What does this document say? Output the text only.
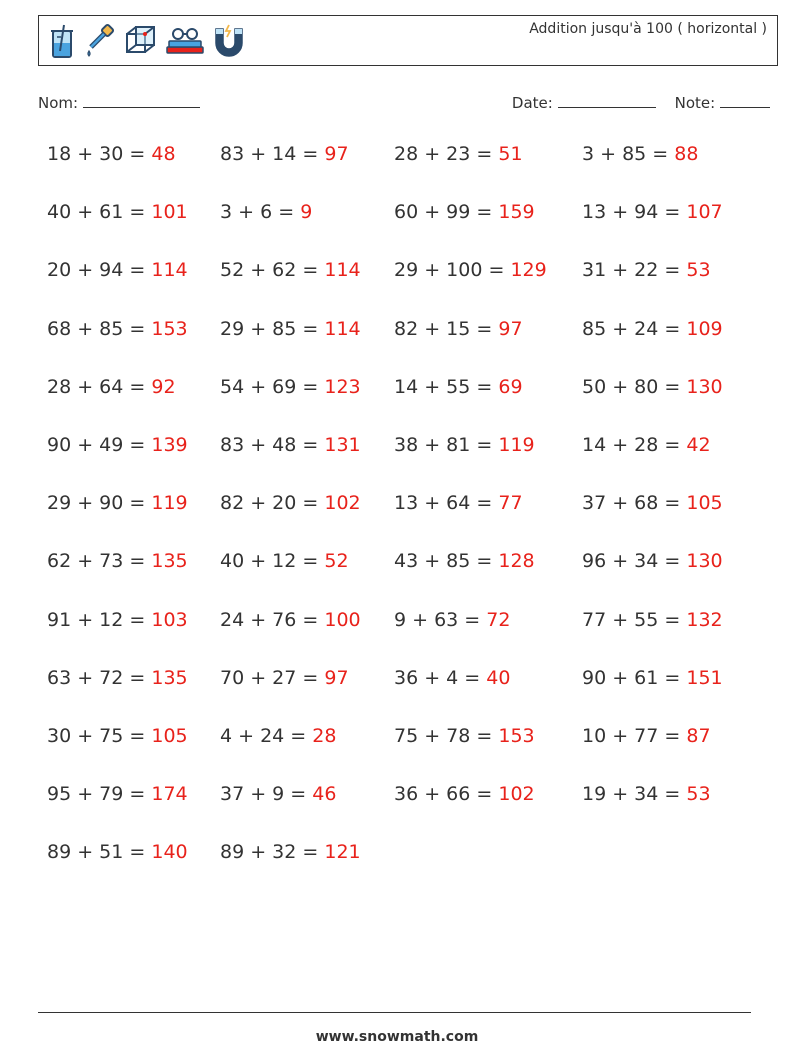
Addition jusqu'à 100 ( horizontal )
Nom:	Date:	Note:
18 + 30 = 48 83 + 14 = 97 28 + 23 = 51	3 + 85 = 88
40 + 61 = 101 3 + 6 = 9	60 + 99 = 159 13 + 94 = 107
20 + 94 = 114 52 + 62 = 114 29 + 100 = 129 31 + 22 = 53
68 + 85 = 153 29 + 85 = 114 82 + 15 = 97	85 + 24 = 109
28 + 64 = 92 54 + 69 = 123 14 + 55 = 69	50 + 80 = 130
90 + 49 = 139 83 + 48 = 131 38 + 81 = 119 14 + 28 = 42
29 + 90 = 119 82 + 20 = 102 13 + 64 = 77	37 + 68 = 105
62 + 73 = 135 40 + 12 = 52 43 + 85 = 128 96 + 34 = 130
91 + 12 = 103 24 + 76 = 100 9 + 63 = 72	77 + 55 = 132
63 + 72 = 135 70 + 27 = 97 36 + 4 = 40	90 + 61 = 151
30 + 75 = 105 4 + 24 = 28	75 + 78 = 153 10 + 77 = 87
95 + 79 = 174 37 + 9 = 46	36 + 66 = 102 19 + 34 = 53
89 + 51 = 140 89 + 32 = 121
www.snowmath.com
